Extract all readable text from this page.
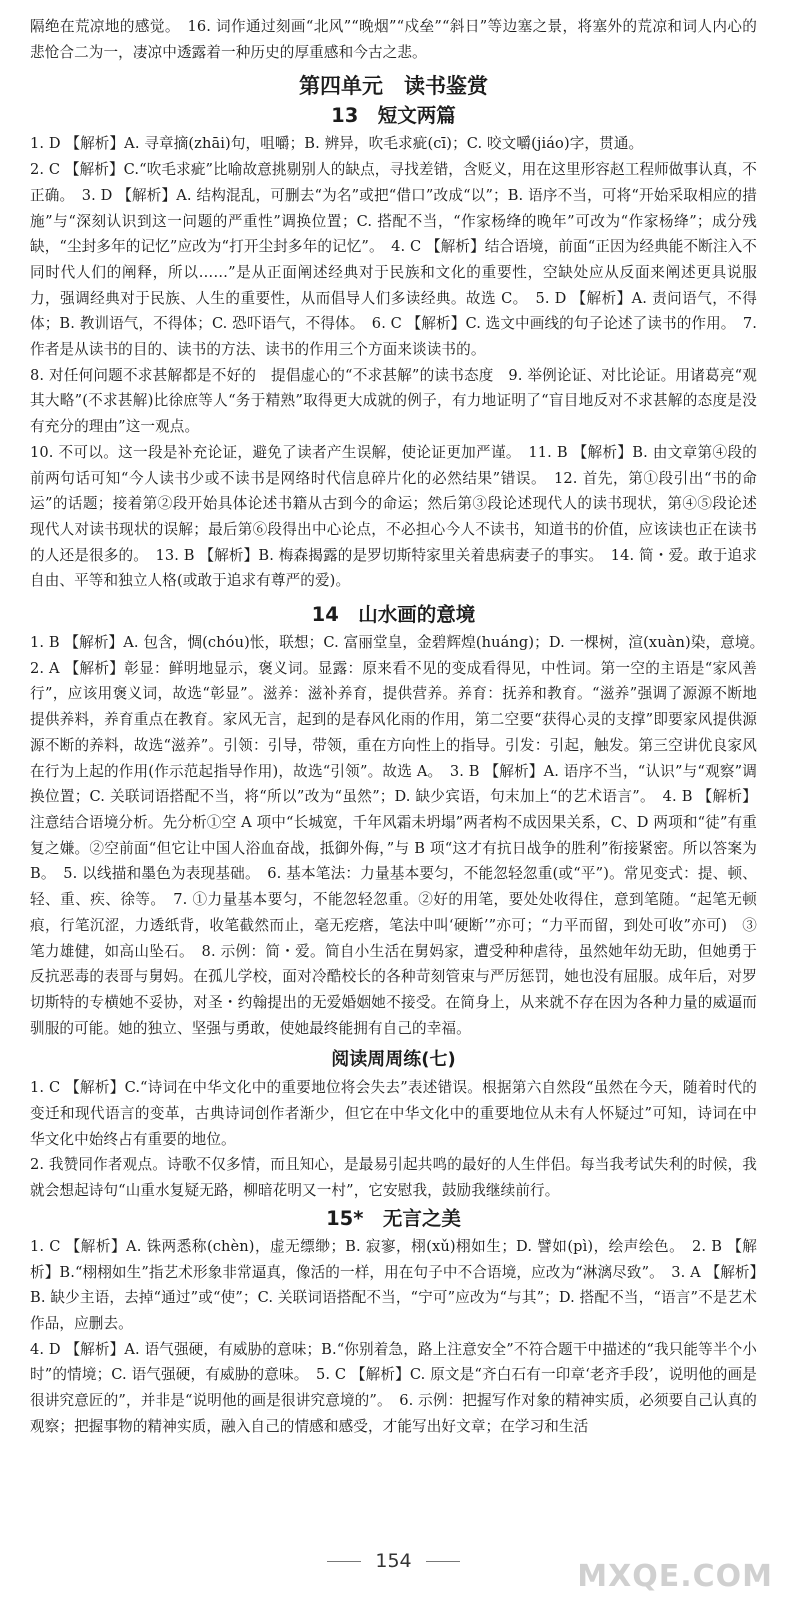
隔绝在荒凉地的感觉。　16. 词作通过刻画“北风”“晚烟”“戍垒”“斜日”等边塞之景，将塞外的荒凉和词人内心的悲怆合二为一，凄凉中透露着一种历史的厚重感和今古之悲。

第四单元　读书鉴赏
13　短文两篇

1. D 【解析】A. 寻章摘(zhāi)句，咀嚼；B. 辨异，吹毛求疵(cī)；C. 咬文嚼(jiáo)字，贯通。

2. C 【解析】C.“吹毛求疵”比喻故意挑剔别人的缺点，寻找差错，含贬义，用在这里形容赵工程师做事认真，不正确。　3. D 【解析】A. 结构混乱，可删去“为名”或把“借口”改成“以”；B. 语序不当，可将“开始采取相应的措施”与“深刻认识到这一问题的严重性”调换位置；C. 搭配不当，“作家杨绛的晚年”可改为“作家杨绛”；成分残缺，“尘封多年的记忆”应改为“打开尘封多年的记忆”。　4. C 【解析】结合语境，前面“正因为经典能不断注入不同时代人们的阐释，所以……”是从正面阐述经典对于民族和文化的重要性，空缺处应从反面来阐述更具说服力，强调经典对于民族、人生的重要性，从而倡导人们多读经典。故选 C。　5. D 【解析】A. 责问语气，不得体；B. 教训语气，不得体；C. 恐吓语气，不得体。　6. C 【解析】C. 选文中画线的句子论述了读书的作用。　7. 作者是从读书的目的、读书的方法、读书的作用三个方面来谈读书的。

8. 对任何问题不求甚解都是不好的　提倡虚心的“不求甚解”的读书态度　9. 举例论证、对比论证。用诸葛亮“观其大略”(不求甚解)比徐庶等人“务于精熟”取得更大成就的例子，有力地证明了“盲目地反对不求甚解的态度是没有充分的理由”这一观点。

10. 不可以。这一段是补充论证，避免了读者产生误解，使论证更加严谨。　11. B 【解析】B. 由文章第④段的前两句话可知“今人读书少或不读书是网络时代信息碎片化的必然结果”错误。　12. 首先，第①段引出“书的命运”的话题；接着第②段开始具体论述书籍从古到今的命运；然后第③段论述现代人的读书现状，第④⑤段论述现代人对读书现状的误解；最后第⑥段得出中心论点，不必担心今人不读书，知道书的价值，应该读也正在读书的人还是很多的。　13. B 【解析】B. 梅森揭露的是罗切斯特家里关着患病妻子的事实。　14. 简・爱。敢于追求自由、平等和独立人格(或敢于追求有尊严的爱)。

14　山水画的意境

1. B 【解析】A. 包含，惆(chóu)怅，联想；C. 富丽堂皇，金碧辉煌(huáng)；D. 一棵树，渲(xuàn)染，意境。　2. A 【解析】彰显：鲜明地显示，褒义词。显露：原来看不见的变成看得见，中性词。第一空的主语是“家风善行”，应该用褒义词，故选“彰显”。滋养：滋补养育，提供营养。养育：抚养和教育。“滋养”强调了源源不断地提供养料，养育重点在教育。家风无言，起到的是春风化雨的作用，第二空要“获得心灵的支撑”即要家风提供源源不断的养料，故选“滋养”。引领：引导，带领，重在方向性上的指导。引发：引起，触发。第三空讲优良家风在行为上起的作用(作示范起指导作用)，故选“引领”。故选 A。　3. B 【解析】A. 语序不当，“认识”与“观察”调换位置；C. 关联词语搭配不当，将“所以”改为“虽然”；D. 缺少宾语，句末加上“的艺术语言”。　4. B 【解析】注意结合语境分析。先分析①空 A 项中“长城宽，千年风霜未坍塌”两者构不成因果关系，C、D 两项和“徒”有重复之嫌。②空前面“但它让中国人浴血奋战，抵御外侮，”与 B 项“这才有抗日战争的胜利”衔接紧密。所以答案为 B。　5. 以线描和墨色为表现基础。　6. 基本笔法：力量基本要匀，不能忽轻忽重(或“平”)。常见变式：提、顿、轻、重、疾、徐等。　7. ①力量基本要匀，不能忽轻忽重。②好的用笔，要处处收得住，意到笔随。“起笔无顿痕，行笔沉涩，力透纸背，收笔截然而止，毫无疙瘩，笔法中叫‘硬断’”亦可；“力平而留，到处可收”亦可)　③笔力雄健，如高山坠石。　8. 示例：简・爱。简自小生活在舅妈家，遭受种种虐待，虽然她年幼无助，但她勇于反抗恶毒的表哥与舅妈。在孤儿学校，面对冷酷校长的各种苛刻管束与严厉惩罚，她也没有屈服。成年后，对罗切斯特的专横她不妥协，对圣・约翰提出的无爱婚姻她不接受。在简身上，从来就不存在因为各种力量的威逼而驯服的可能。她的独立、坚强与勇敢，使她最终能拥有自己的幸福。

阅读周周练(七)

1. C 【解析】C.“诗词在中华文化中的重要地位将会失去”表述错误。根据第六自然段“虽然在今天，随着时代的变迁和现代语言的变革，古典诗词创作者渐少，但它在中华文化中的重要地位从未有人怀疑过”可知，诗词在中华文化中始终占有重要的地位。

2. 我赞同作者观点。诗歌不仅多情，而且知心，是最易引起共鸣的最好的人生伴侣。每当我考试失利的时候，我就会想起诗句“山重水复疑无路，柳暗花明又一村”，它安慰我，鼓励我继续前行。

15*　无言之美

1. C 【解析】A. 铢两悉称(chèn)，虚无缥缈；B. 寂寥，栩(xǔ)栩如生；D. 譬如(pì)，绘声绘色。　2. B 【解析】B.“栩栩如生”指艺术形象非常逼真，像活的一样，用在句子中不合语境，应改为“淋漓尽致”。　3. A 【解析】B. 缺少主语，去掉“通过”或“使”；C. 关联词语搭配不当，“宁可”应改为“与其”；D. 搭配不当，“语言”不是艺术作品，应删去。

4. D 【解析】A. 语气强硬，有威胁的意味；B.“你别着急，路上注意安全”不符合题干中描述的“我只能等半个小时”的情境；C. 语气强硬，有威胁的意味。　5. C 【解析】C. 原文是“齐白石有一印章‘老齐手段’，说明他的画是很讲究意匠的”，并非是“说明他的画是很讲究意境的”。　6. 示例：把握写作对象的精神实质，必须要自己认真的观察；把握事物的精神实质，融入自己的情感和感受，才能写出好文章；在学习和生活

154	MXQE.COM
